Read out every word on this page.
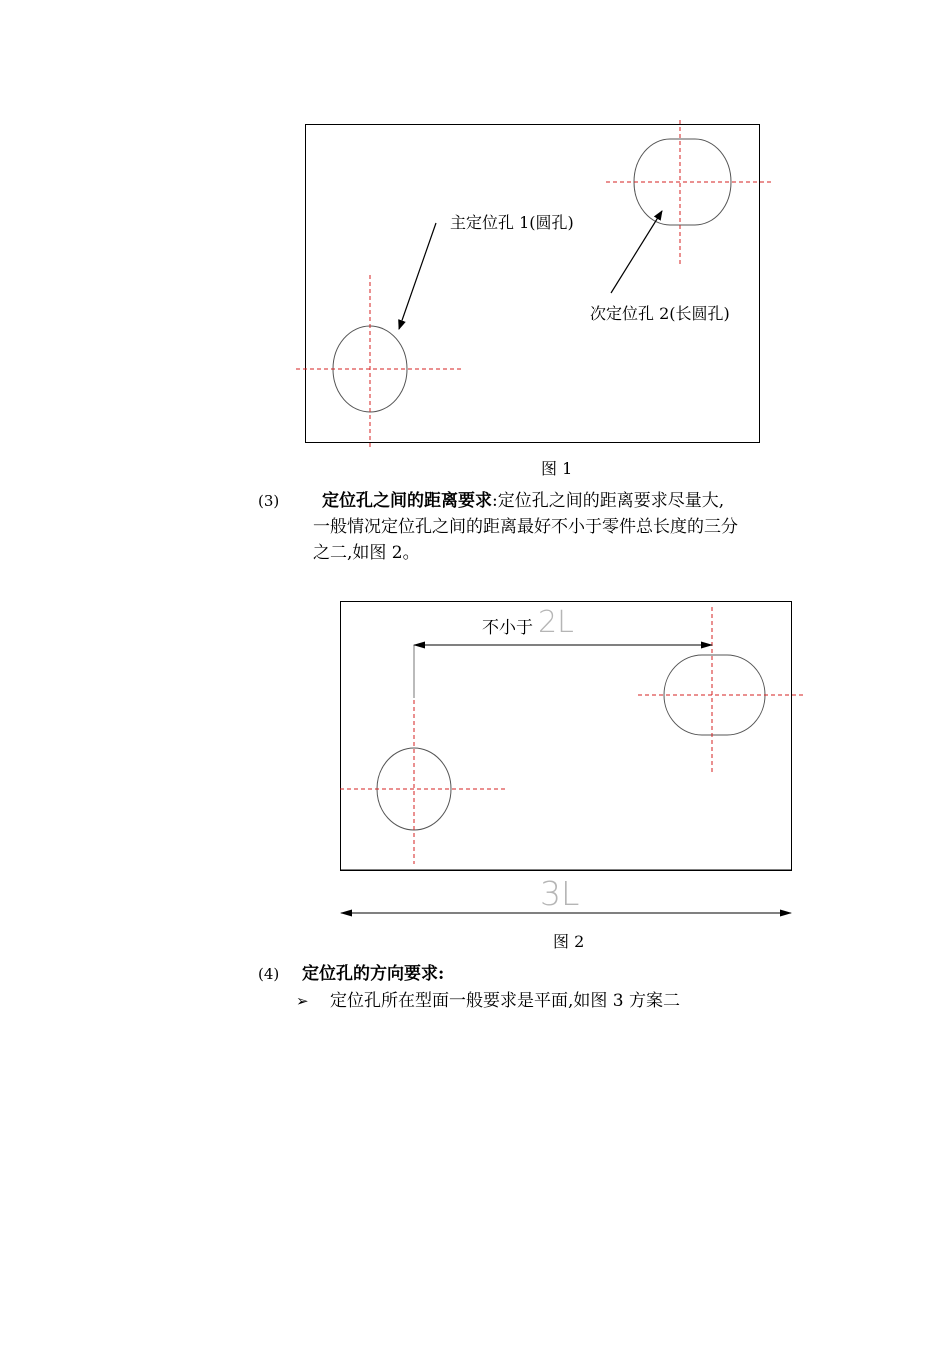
主定位孔 1(圆孔)
次定位孔 2(长圆孔)
图 1
(3)	定位孔之间的距离要求:定位孔之间的距离要求尽量大,
一般情况定位孔之间的距离最好不小于零件总长度的三分
之二,如图 2。
不小于 2L
3L
图 2
(4) 定位孔的方向要求:
➢ 定位孔所在型面一般要求是平面,如图 3 方案二
